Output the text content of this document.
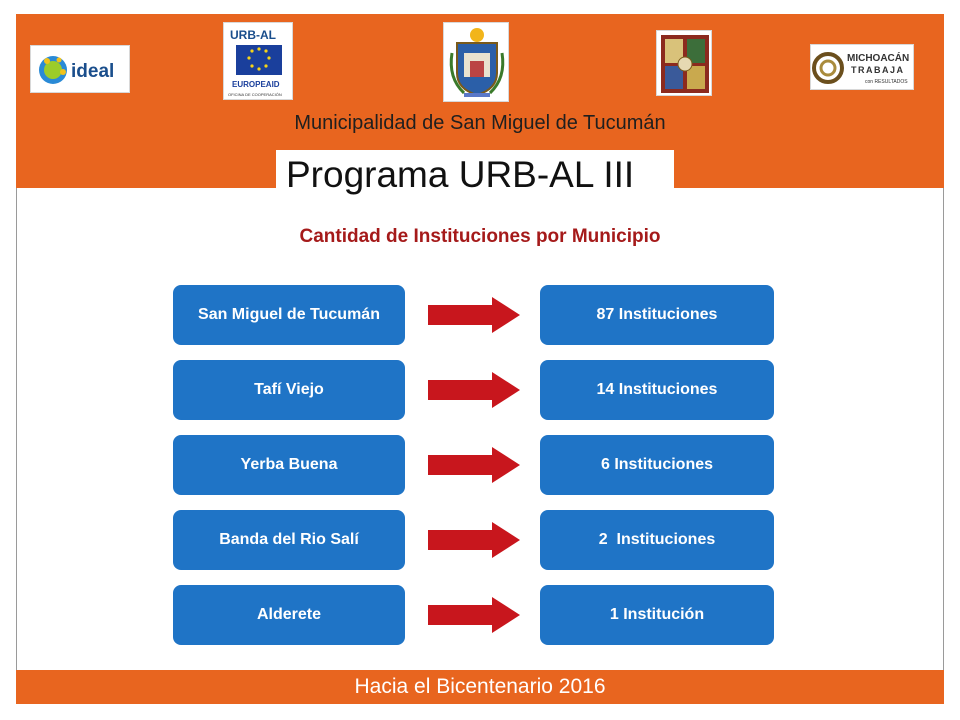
ideal
URB-AL
EUROPEAID
OFICINA DE COOPERACIÓN
MICHOACÁN
TRABAJA
con RESULTADOS
Municipalidad de San Miguel de Tucumán
Programa URB-AL III
Cantidad de Instituciones por Municipio
San Miguel de Tucumán	87 Instituciones
Tafí Viejo	14 Instituciones
Yerba Buena	6 Instituciones
Banda del Rio Salí	2  Instituciones
Alderete	1 Institución
Hacia el Bicentenario 2016
